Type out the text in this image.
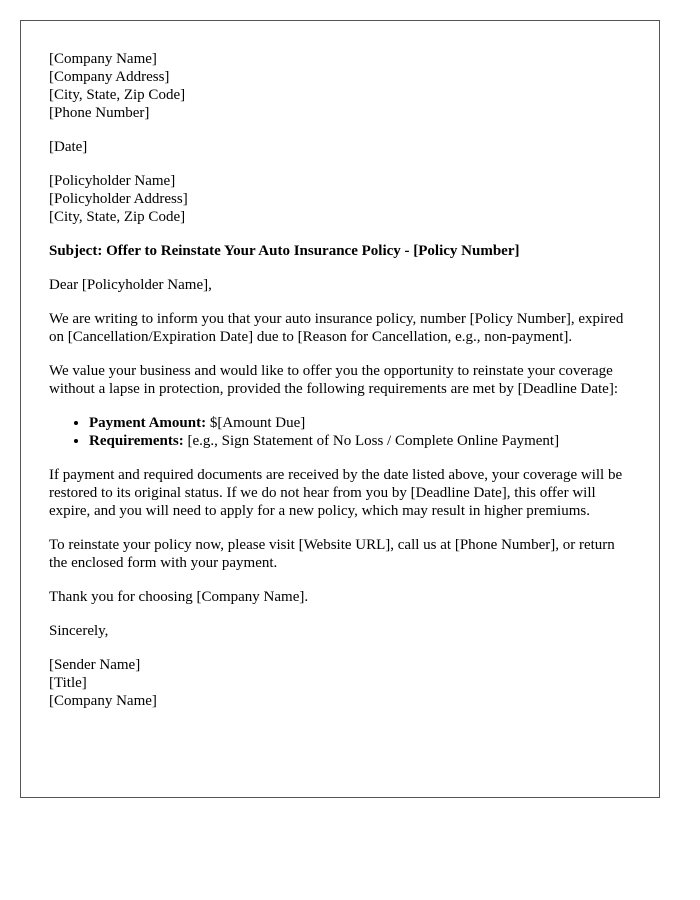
[Company Name]
[Company Address]
[City, State, Zip Code]
[Phone Number]
[Date]
[Policyholder Name]
[Policyholder Address]
[City, State, Zip Code]
Subject: Offer to Reinstate Your Auto Insurance Policy - [Policy Number]

Dear [Policyholder Name],

We are writing to inform you that your auto insurance policy, number [Policy Number], expired on [Cancellation/Expiration Date] due to [Reason for Cancellation, e.g., non-payment].

We value your business and would like to offer you the opportunity to reinstate your coverage without a lapse in protection, provided the following requirements are met by [Deadline Date]:

• Payment Amount: $[Amount Due]
• Requirements: [e.g., Sign Statement of No Loss / Complete Online Payment]

If payment and required documents are received by the date listed above, your coverage will be restored to its original status. If we do not hear from you by [Deadline Date], this offer will expire, and you will need to apply for a new policy, which may result in higher premiums.

To reinstate your policy now, please visit [Website URL], call us at [Phone Number], or return the enclosed form with your payment.

Thank you for choosing [Company Name].

Sincerely,

[Sender Name]
[Title]
[Company Name]
